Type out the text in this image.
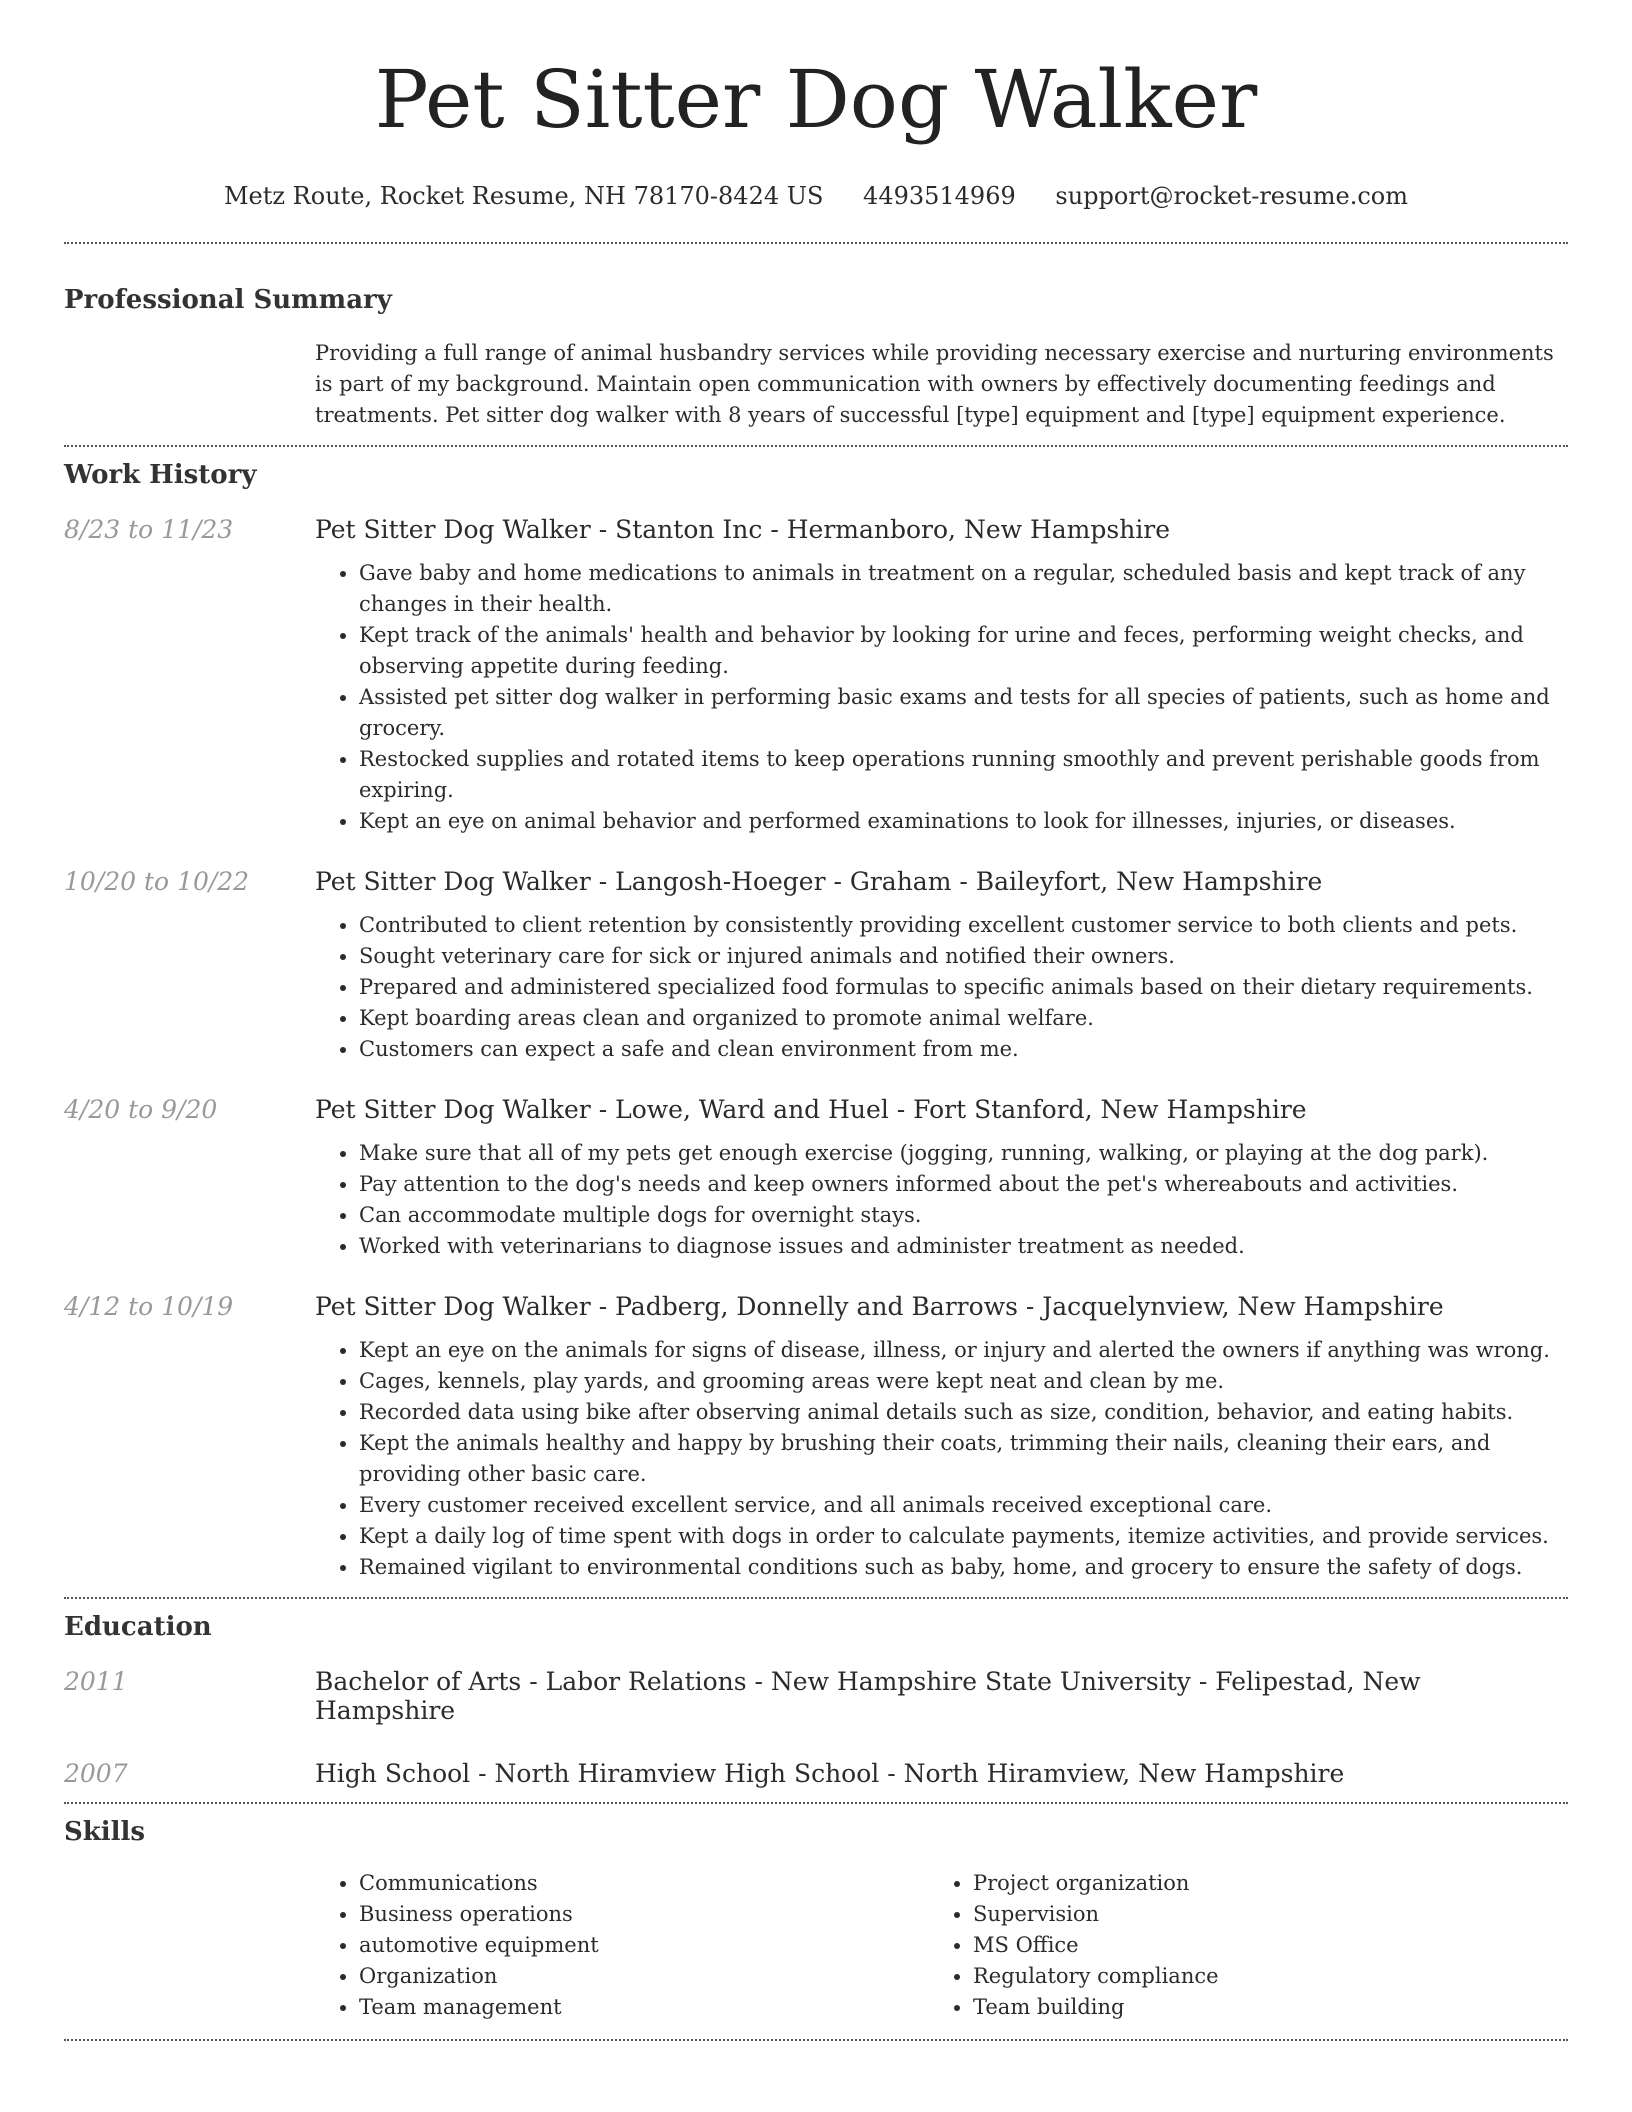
Pet Sitter Dog Walker
Metz Route, Rocket Resume, NH 78170-8424 US 4493514969 support@rocket-resume.com
Professional Summary
Providing a full range of animal husbandry services while providing necessary exercise and nurturing environments is part of my background. Maintain open communication with owners by effectively documenting feedings and treatments. Pet sitter dog walker with 8 years of successful [type] equipment and [type] equipment experience.
Work History
8/23 to 11/23	Pet Sitter Dog Walker - Stanton Inc - Hermanboro, New Hampshire
• Gave baby and home medications to animals in treatment on a regular, scheduled basis and kept track of any changes in their health.
• Kept track of the animals' health and behavior by looking for urine and feces, performing weight checks, and observing appetite during feeding.
• Assisted pet sitter dog walker in performing basic exams and tests for all species of patients, such as home and grocery.
• Restocked supplies and rotated items to keep operations running smoothly and prevent perishable goods from expiring.
• Kept an eye on animal behavior and performed examinations to look for illnesses, injuries, or diseases.
10/20 to 10/22	Pet Sitter Dog Walker - Langosh-Hoeger - Graham - Baileyfort, New Hampshire
• Contributed to client retention by consistently providing excellent customer service to both clients and pets.
• Sought veterinary care for sick or injured animals and notified their owners.
• Prepared and administered specialized food formulas to specific animals based on their dietary requirements.
• Kept boarding areas clean and organized to promote animal welfare.
• Customers can expect a safe and clean environment from me.
4/20 to 9/20	Pet Sitter Dog Walker - Lowe, Ward and Huel - Fort Stanford, New Hampshire
• Make sure that all of my pets get enough exercise (jogging, running, walking, or playing at the dog park).
• Pay attention to the dog's needs and keep owners informed about the pet's whereabouts and activities.
• Can accommodate multiple dogs for overnight stays.
• Worked with veterinarians to diagnose issues and administer treatment as needed.
4/12 to 10/19	Pet Sitter Dog Walker - Padberg, Donnelly and Barrows - Jacquelynview, New Hampshire
• Kept an eye on the animals for signs of disease, illness, or injury and alerted the owners if anything was wrong.
• Cages, kennels, play yards, and grooming areas were kept neat and clean by me.
• Recorded data using bike after observing animal details such as size, condition, behavior, and eating habits.
• Kept the animals healthy and happy by brushing their coats, trimming their nails, cleaning their ears, and providing other basic care.
• Every customer received excellent service, and all animals received exceptional care.
• Kept a daily log of time spent with dogs in order to calculate payments, itemize activities, and provide services.
• Remained vigilant to environmental conditions such as baby, home, and grocery to ensure the safety of dogs.
Education
2011	Bachelor of Arts - Labor Relations - New Hampshire State University - Felipestad, New Hampshire
2007	High School - North Hiramview High School - North Hiramview, New Hampshire
Skills
• Communications
• Business operations
• automotive equipment
• Organization
• Team management
• Project organization
• Supervision
• MS Office
• Regulatory compliance
• Team building
